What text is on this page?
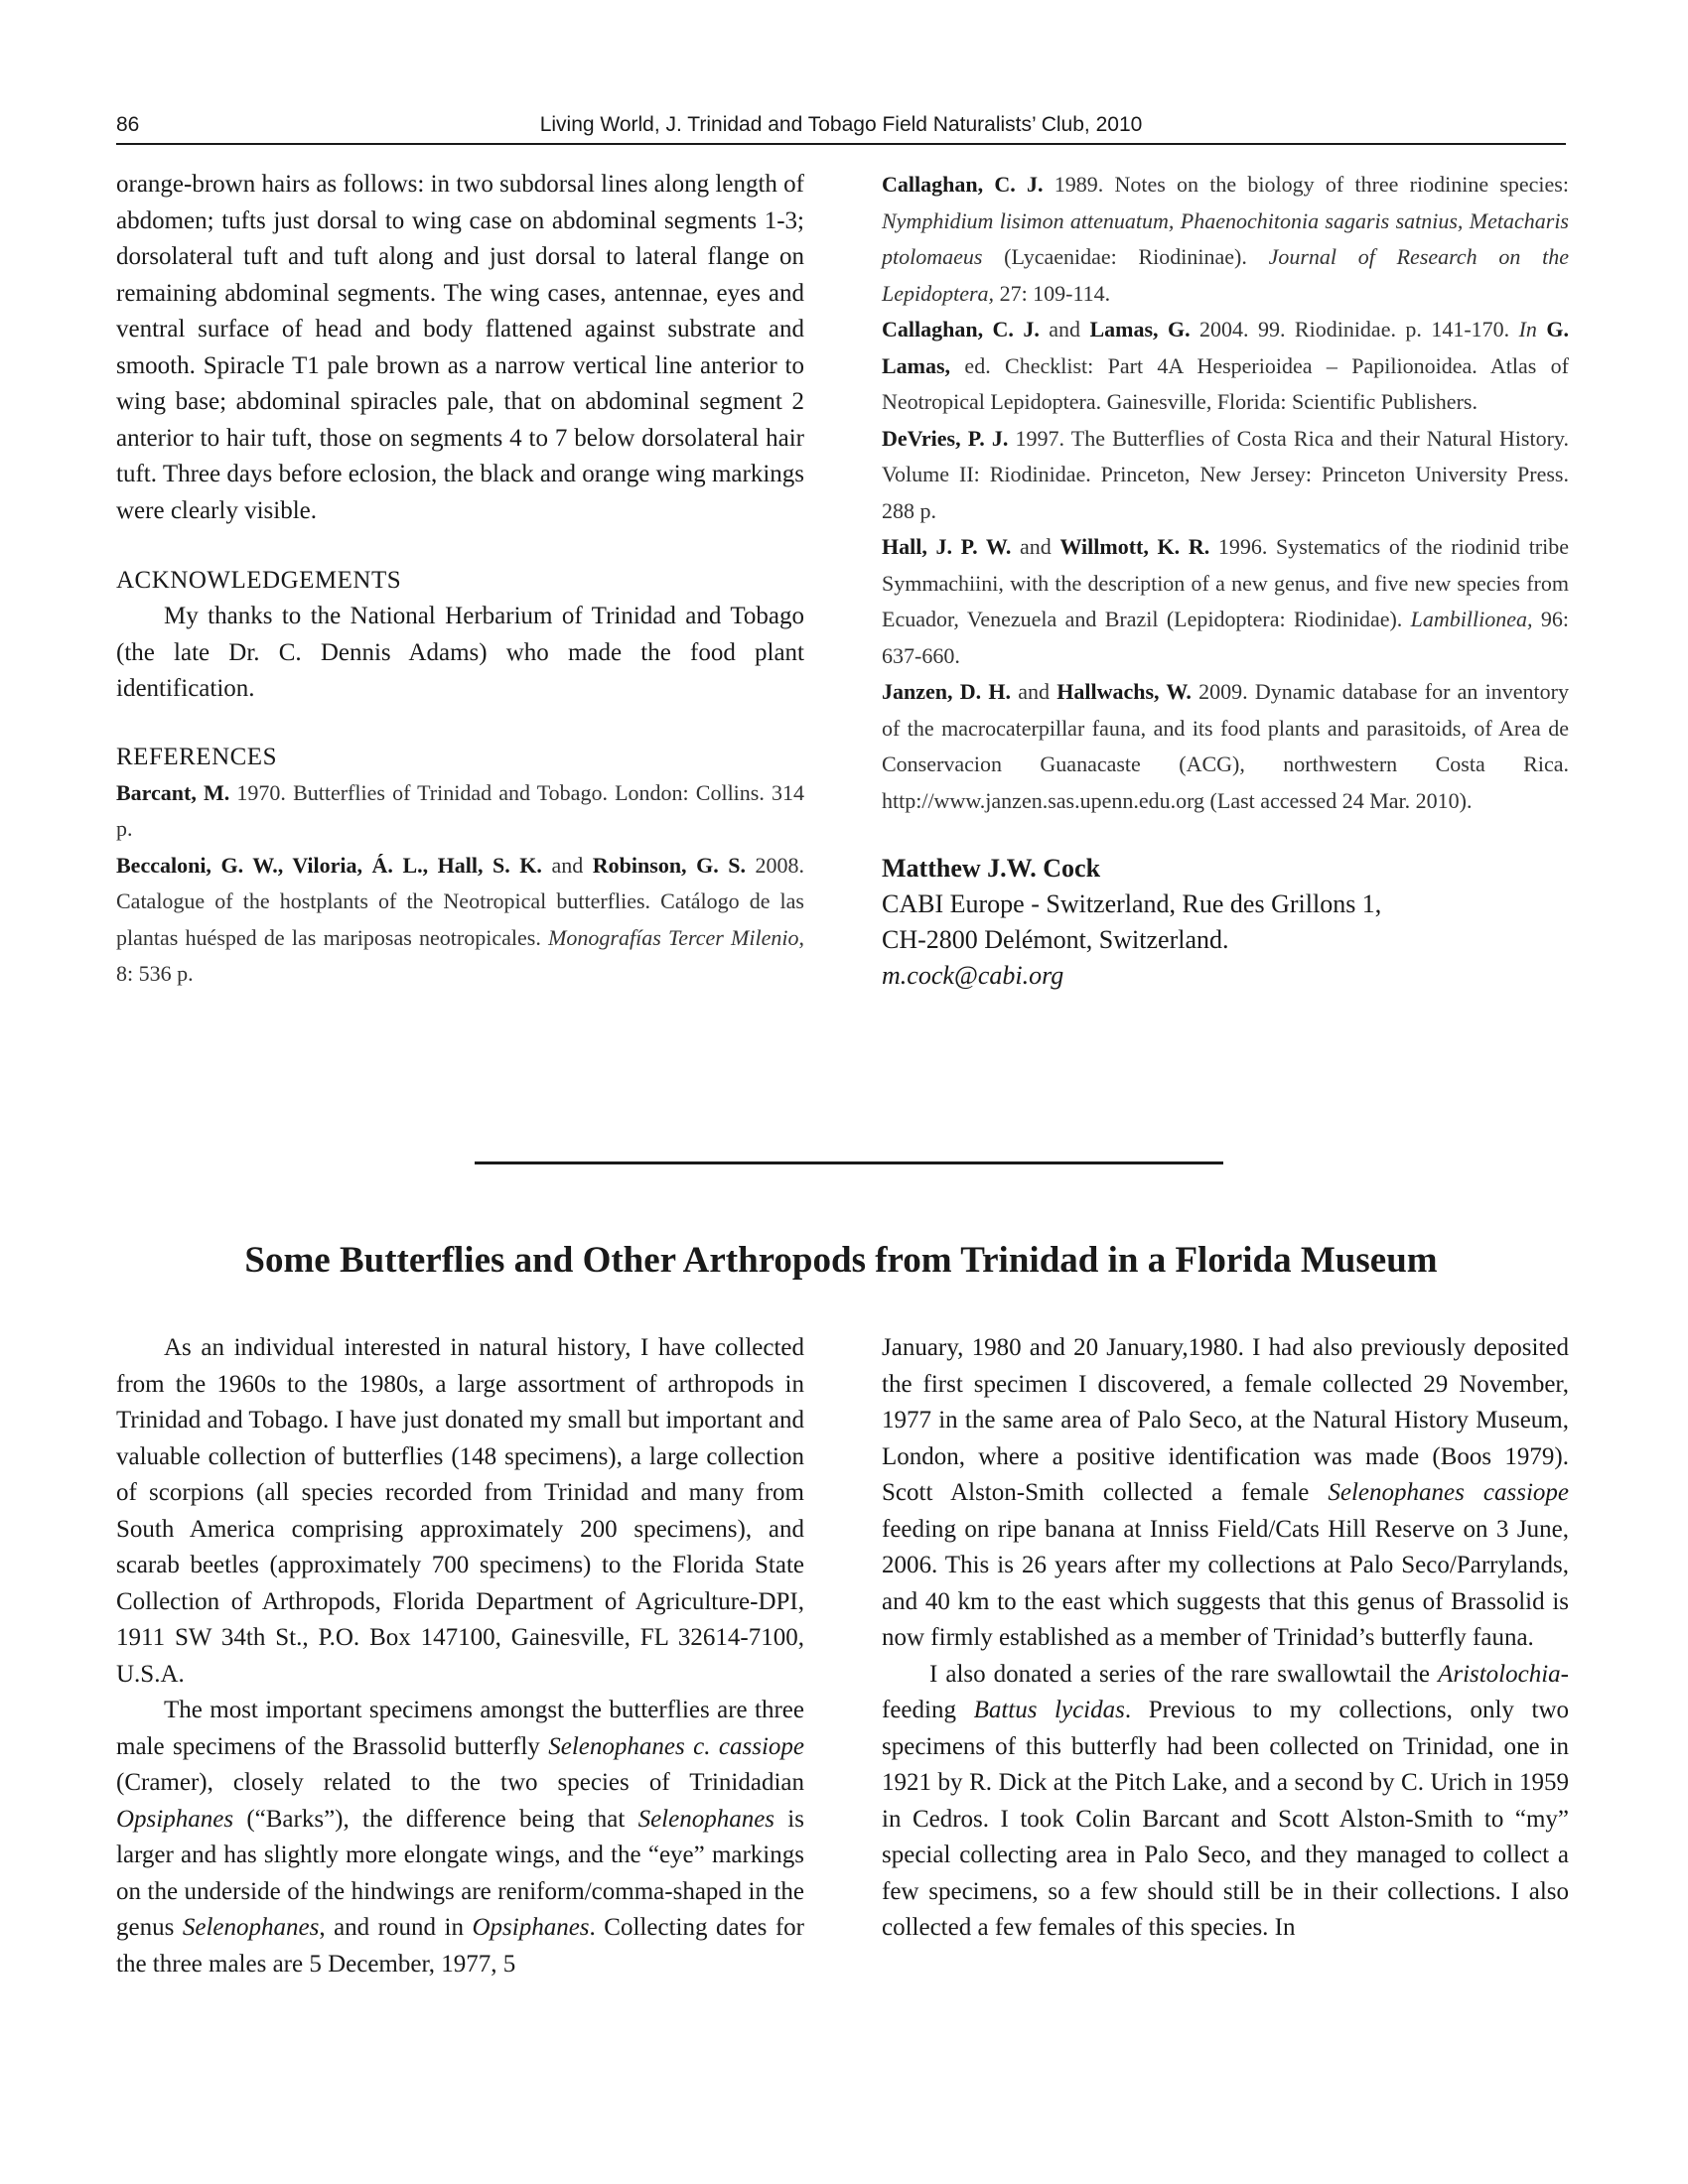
86	Living World, J. Trinidad and Tobago Field Naturalists’ Club, 2010

orange-brown hairs as follows: in two subdorsal lines along length of abdomen; tufts just dorsal to wing case on abdominal segments 1-3; dorsolateral tuft and tuft along and just dorsal to lateral flange on remaining abdominal segments. The wing cases, antennae, eyes and ventral surface of head and body flattened against substrate and smooth. Spiracle T1 pale brown as a narrow vertical line anterior to wing base; abdominal spiracles pale, that on abdominal segment 2 anterior to hair tuft, those on segments 4 to 7 below dorsolateral hair tuft. Three days before eclosion, the black and orange wing markings were clearly visible.

ACKNOWLEDGEMENTS

My thanks to the National Herbarium of Trinidad and Tobago (the late Dr. C. Dennis Adams) who made the food plant identification.

REFERENCES

Barcant, M. 1970. Butterflies of Trinidad and Tobago. London: Collins. 314 p.

Beccaloni, G. W., Viloria, Á. L., Hall, S. K. and Robinson, G. S. 2008. Catalogue of the hostplants of the Neotropical butterflies. Catálogo de las plantas huésped de las mariposas neotropicales. Monografías Tercer Milenio, 8: 536 p.

Callaghan, C. J. 1989. Notes on the biology of three riodinine species: Nymphidium lisimon attenuatum, Phaenochitonia sagaris satnius, Metacharis ptolomaeus (Lycaenidae: Riodininae). Journal of Research on the Lepidoptera, 27: 109-114.

Callaghan, C. J. and Lamas, G. 2004. 99. Riodinidae. p. 141-170. In G. Lamas, ed. Checklist: Part 4A Hesperioidea – Papilionoidea. Atlas of Neotropical Lepidoptera. Gainesville, Florida: Scientific Publishers.

DeVries, P. J. 1997. The Butterflies of Costa Rica and their Natural History. Volume II: Riodinidae. Princeton, New Jersey: Princeton University Press. 288 p.

Hall, J. P. W. and Willmott, K. R. 1996. Systematics of the riodinid tribe Symmachiini, with the description of a new genus, and five new species from Ecuador, Venezuela and Brazil (Lepidoptera: Riodinidae). Lambillionea, 96: 637-660.

Janzen, D. H. and Hallwachs, W. 2009. Dynamic database for an inventory of the macrocaterpillar fauna, and its food plants and parasitoids, of Area de Conservacion Guanacaste (ACG), northwestern Costa Rica. http://www.janzen.sas.upenn.edu.org (Last accessed 24 Mar. 2010).

Matthew J.W. Cock
CABI Europe - Switzerland, Rue des Grillons 1,
CH-2800 Delémont, Switzerland.
m.cock@cabi.org
Some Butterflies and Other Arthropods from Trinidad in a Florida Museum

As an individual interested in natural history, I have collected from the 1960s to the 1980s, a large assortment of arthropods in Trinidad and Tobago. I have just donated my small but important and valuable collection of butterflies (148 specimens), a large collection of scorpions (all species recorded from Trinidad and many from South America comprising approximately 200 specimens), and scarab beetles (approximately 700 specimens) to the Florida State Collection of Arthropods, Florida Department of Agriculture-DPI, 1911 SW 34th St., P.O. Box 147100, Gainesville, FL 32614-7100, U.S.A.

The most important specimens amongst the butterflies are three male specimens of the Brassolid butterfly Selenophanes c. cassiope (Cramer), closely related to the two species of Trinidadian Opsiphanes (“Barks”), the difference being that Selenophanes is larger and has slightly more elongate wings, and the “eye” markings on the underside of the hindwings are reniform/comma-shaped in the genus Selenophanes, and round in Opsiphanes. Collecting dates for the three males are 5 December, 1977, 5

January, 1980 and 20 January,1980. I had also previously deposited the first specimen I discovered, a female collected 29 November, 1977 in the same area of Palo Seco, at the Natural History Museum, London, where a positive identification was made (Boos 1979). Scott Alston-Smith collected a female Selenophanes cassiope feeding on ripe banana at Inniss Field/Cats Hill Reserve on 3 June, 2006. This is 26 years after my collections at Palo Seco/Parrylands, and 40 km to the east which suggests that this genus of Brassolid is now firmly established as a member of Trinidad’s butterfly fauna.

I also donated a series of the rare swallowtail the Aristolochia-feeding Battus lycidas. Previous to my collections, only two specimens of this butterfly had been collected on Trinidad, one in 1921 by R. Dick at the Pitch Lake, and a second by C. Urich in 1959 in Cedros. I took Colin Barcant and Scott Alston-Smith to “my” special collecting area in Palo Seco, and they managed to collect a few specimens, so a few should still be in their collections. I also collected a few females of this species. In
